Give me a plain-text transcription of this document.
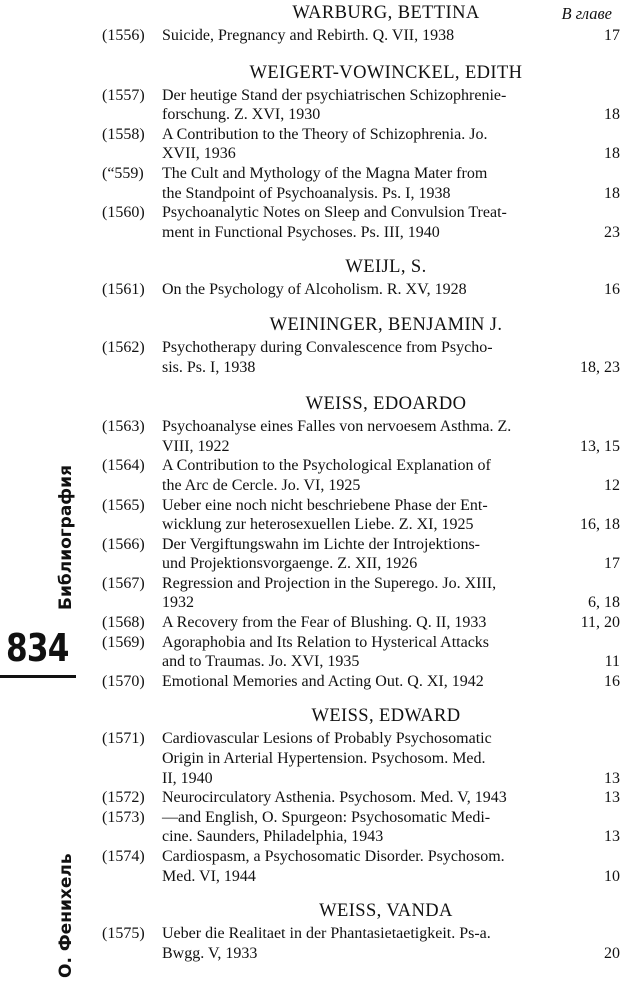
Библиография
834
О. Фенихель
WARBURG, BETTINA	В главе
(1556)	Suicide, Pregnancy and Rebirth. Q. VII, 1938	17
WEIGERT-VOWINCKEL, EDITH
(1557)	Der heutige Stand der psychiatrischen Schizophrenie-
forschung. Z. XVI, 1930	18
(1558)	A Contribution to the Theory of Schizophrenia. Jo.
XVII, 1936	18
(“559)	The Cult and Mythology of the Magna Mater from
the Standpoint of Psychoanalysis. Ps. I, 1938	18
(1560)	Psychoanalytic Notes on Sleep and Convulsion Treat-
ment in Functional Psychoses. Ps. III, 1940	23
WEIJL, S.
(1561)	On the Psychology of Alcoholism. R. XV, 1928	16
WEININGER, BENJAMIN J.
(1562)	Psychotherapy during Convalescence from Psycho-
sis. Ps. I, 1938	18, 23
WEISS, EDOARDO
(1563)	Psychoanalyse eines Falles von nervoesem Asthma. Z.
VIII, 1922	13, 15
(1564)	A Contribution to the Psychological Explanation of
the Arc de Cercle. Jo. VI, 1925	12
(1565)	Ueber eine noch nicht beschriebene Phase der Ent-
wicklung zur heterosexuellen Liebe. Z. XI, 1925	16, 18
(1566)	Der Vergiftungswahn im Lichte der Introjektions-
und Projektionsvorgaenge. Z. XII, 1926	17
(1567)	Regression and Projection in the Superego. Jo. XIII,
1932	6, 18
(1568)	A Recovery from the Fear of Blushing. Q. II, 1933	11, 20
(1569)	Agoraphobia and Its Relation to Hysterical Attacks
and to Traumas. Jo. XVI, 1935	11
(1570)	Emotional Memories and Acting Out. Q. XI, 1942	16
WEISS, EDWARD
(1571)	Cardiovascular Lesions of Probably Psychosomatic
Origin in Arterial Hypertension. Psychosom. Med.
II, 1940	13
(1572)	Neurocirculatory Asthenia. Psychosom. Med. V, 1943	13
(1573)	—and English, O. Spurgeon: Psychosomatic Medi-
cine. Saunders, Philadelphia, 1943	13
(1574)	Cardiospasm, a Psychosomatic Disorder. Psychosom.
Med. VI, 1944	10
WEISS, VANDA
(1575)	Ueber die Realitaet in der Phantasietaetigkeit. Ps-a.
Bwgg. V, 1933	20
